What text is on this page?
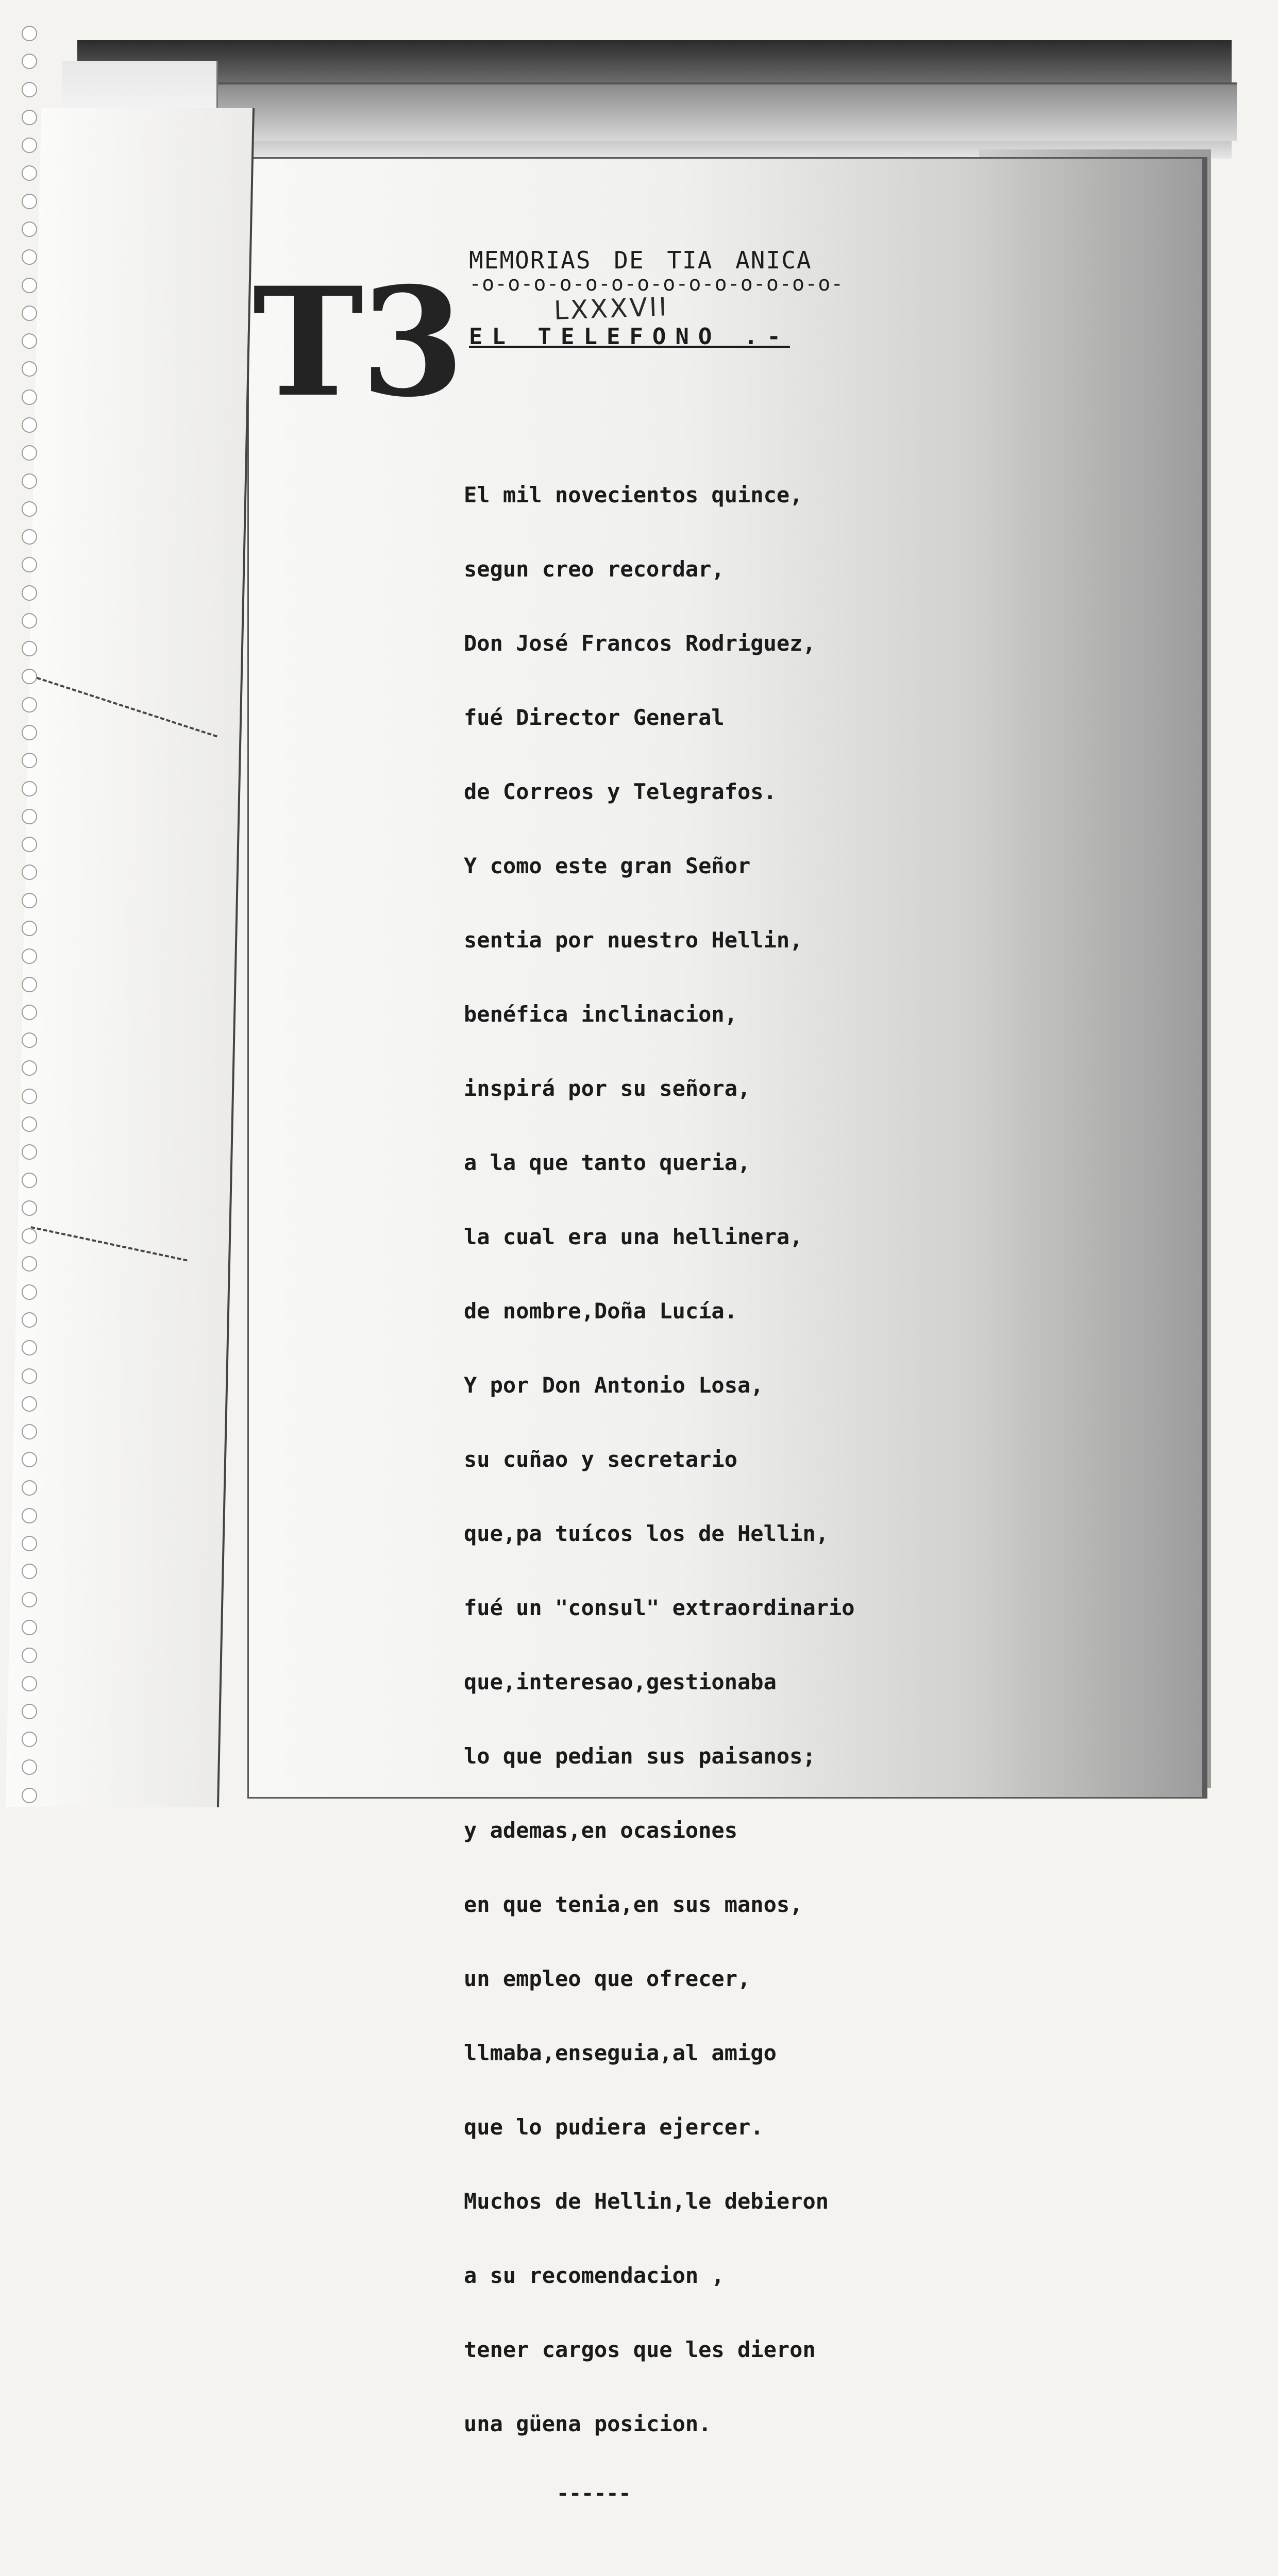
T3 MEMORIAS DE TIA ANICA
-o-o-o-o-o-o-o-o-o-o-o-o-o-o-
LXXXVII
EL TELEFONO .-

El mil novecientos quince,

segun creo recordar,

Don José Francos Rodriguez,

fué Director General

de Correos y Telegrafos.

Y como este gran Señor

sentia por nuestro Hellin,

benéfica inclinacion,

inspirá por su señora,

a la que tanto queria,

la cual era una hellinera,

de nombre,Doña Lucía.

Y por Don Antonio Losa,

su cuñao y secretario

que,pa tuícos los de Hellin,

fué un "consul" extraordinario

que,interesao,gestionaba

lo que pedian sus paisanos;

y ademas,en ocasiones

en que tenia,en sus manos,

un empleo que ofrecer,

llmaba,enseguia,al amigo

que lo pudiera ejercer.

Muchos de Hellin,le debieron

a su recomendacion ,

tener cargos que les dieron

una güena posicion.

------
